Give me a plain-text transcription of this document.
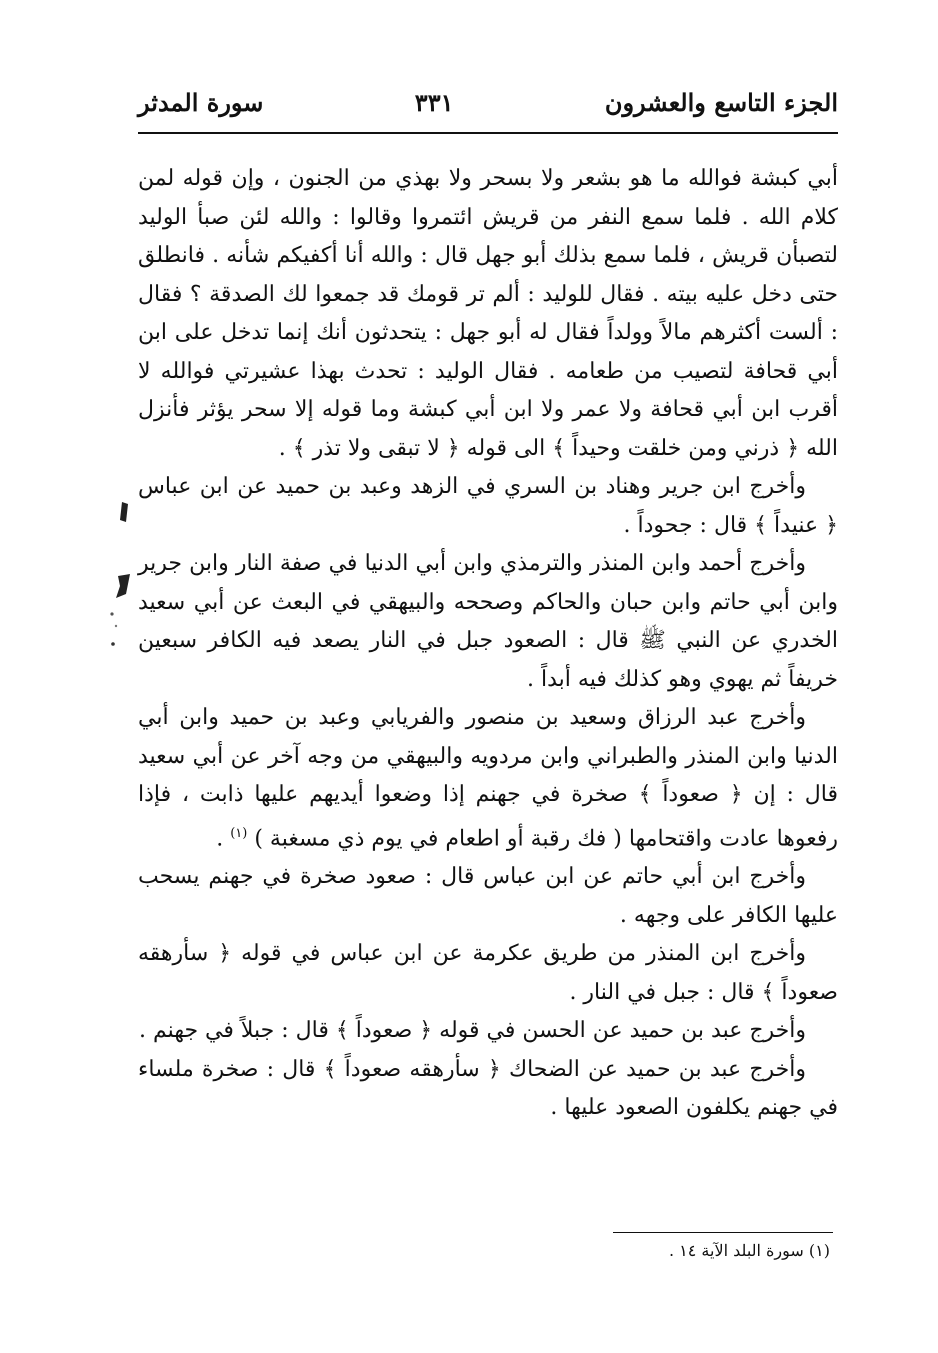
الجزء التاسع والعشرون
٣٣١
سورة المدثر

أبي كبشة فوالله ما هو بشعر ولا بسحر ولا بهذي من الجنون ، وإن قوله لمن كلام الله . فلما سمع النفر من قريش ائتمروا وقالوا : والله لئن صبأ الوليد لتصبأن قريش ، فلما سمع بذلك أبو جهل قال : والله أنا أكفيكم شأنه . فانطلق حتى دخل عليه بيته . فقال للوليد : ألم تر قومك قد جمعوا لك الصدقة ؟ فقال : ألست أكثرهم مالاً وولداً فقال له أبو جهل : يتحدثون أنك إنما تدخل على ابن أبي قحافة لتصيب من طعامه . فقال الوليد : تحدث بهذا عشيرتي فوالله لا أقرب ابن أبي قحافة ولا عمر ولا ابن أبي كبشة وما قوله إلا سحر يؤثر فأنزل الله ﴿ ذرني ومن خلقت وحيداً ﴾ الى قوله ﴿ لا تبقى ولا تذر ﴾ .

وأخرج ابن جرير وهناد بن السري في الزهد وعبد بن حميد عن ابن عباس ﴿ عنيداً ﴾ قال : جحوداً .

وأخرج أحمد وابن المنذر والترمذي وابن أبي الدنيا في صفة النار وابن جرير وابن أبي حاتم وابن حبان والحاكم وصححه والبيهقي في البعث عن أبي سعيد الخدري عن النبي ﷺ قال : الصعود جبل في النار يصعد فيه الكافر سبعين خريفاً ثم يهوي وهو كذلك فيه أبداً .

وأخرج عبد الرزاق وسعيد بن منصور والفريابي وعبد بن حميد وابن أبي الدنيا وابن المنذر والطبراني وابن مردويه والبيهقي من وجه آخر عن أبي سعيد قال : إن ﴿ صعوداً ﴾ صخرة في جهنم إذا وضعوا أيديهم عليها ذابت ، فإذا رفعوها عادت واقتحامها ( فك رقبة أو اطعام في يوم ذي مسغبة ) $^{(١)}$ .

وأخرج ابن أبي حاتم عن ابن عباس قال : صعود صخرة في جهنم يسحب عليها الكافر على وجهه .

وأخرج ابن المنذر من طريق عكرمة عن ابن عباس في قوله ﴿ سأرهقه صعوداً ﴾ قال : جبل في النار .

وأخرج عبد بن حميد عن الحسن في قوله ﴿ صعوداً ﴾ قال : جبلاً في جهنم .

وأخرج عبد بن حميد عن الضحاك ﴿ سأرهقه صعوداً ﴾ قال : صخرة ملساء في جهنم يكلفون الصعود عليها .

(١) سورة البلد الآية ١٤ .
